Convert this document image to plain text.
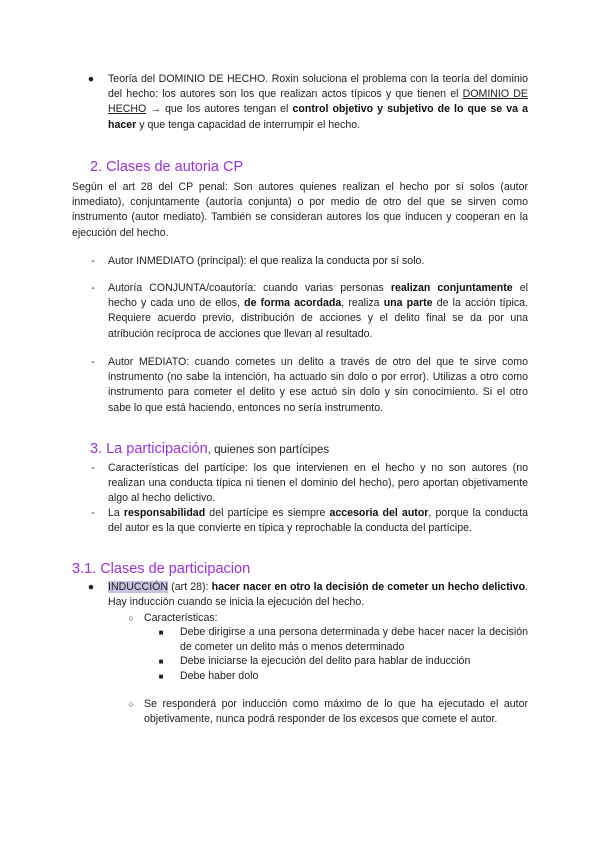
●	Teoría del DOMINIO DE HECHO. Roxin soluciona el problema con la teoría del dominio del hecho: los autores son los que realizan actos típicos y que tienen el DOMINIO DE HECHO → que los autores tengan el control objetivo y subjetivo de lo que se va a hacer y que tenga capacidad de interrumpir el hecho.

2. Clases de autoria CP

Según el art 28 del CP penal: Son autores quienes realizan el hecho por sí solos (autor inmediato), conjuntamente (autoría conjunta) o por medio de otro del que se sirven como instrumento (autor mediato). También se consideran autores los que inducen y cooperan en la ejecución del hecho.

-	Autor INMEDIATO (principal): el que realiza la conducta por sí solo.

-	Autoría CONJUNTA/coautoría: cuando varias personas realizan conjuntamente el hecho y cada uno de ellos, de forma acordada, realiza una parte de la acción típica. Requiere acuerdo previo, distribución de acciones y el delito final se da por una atribución recíproca de acciones que llevan al resultado.

-	Autor MEDIATO: cuando cometes un delito a través de otro del que te sirve como instrumento (no sabe la intención, ha actuado sin dolo o por error). Utilizas a otro como instrumento para cometer el delito y ese actuó sin dolo y sin conocimiento. Si el otro sabe lo que está haciendo, entonces no sería instrumento.

3. La participación, quienes son partícipes
-	Características del partícipe: los que intervienen en el hecho y no son autores (no realizan una conducta típica ni tienen el dominio del hecho), pero aportan objetivamente algo al hecho delictivo.

-	La responsabilidad del partícipe es siempre accesoria del autor, porque la conducta del autor es la que convierte en típica y reprochable la conducta del partícipe.

3.1. Clases de participacion
●	INDUCCIÓN (art 28): hacer nacer en otro la decisión de cometer un hecho delictivo. Hay inducción cuando se inicia la ejecución del hecho.

○ Características:

■	Debe dirigirse a una persona determinada y debe hacer nacer la decisión de cometer un delito más o menos determinado

■	Debe iniciarse la ejecución del delito para hablar de inducción

■	Debe haber dolo

○ Se responderá por inducción como máximo de lo que ha ejecutado el autor objetivamente, nunca podrá responder de los excesos que comete el autor.
